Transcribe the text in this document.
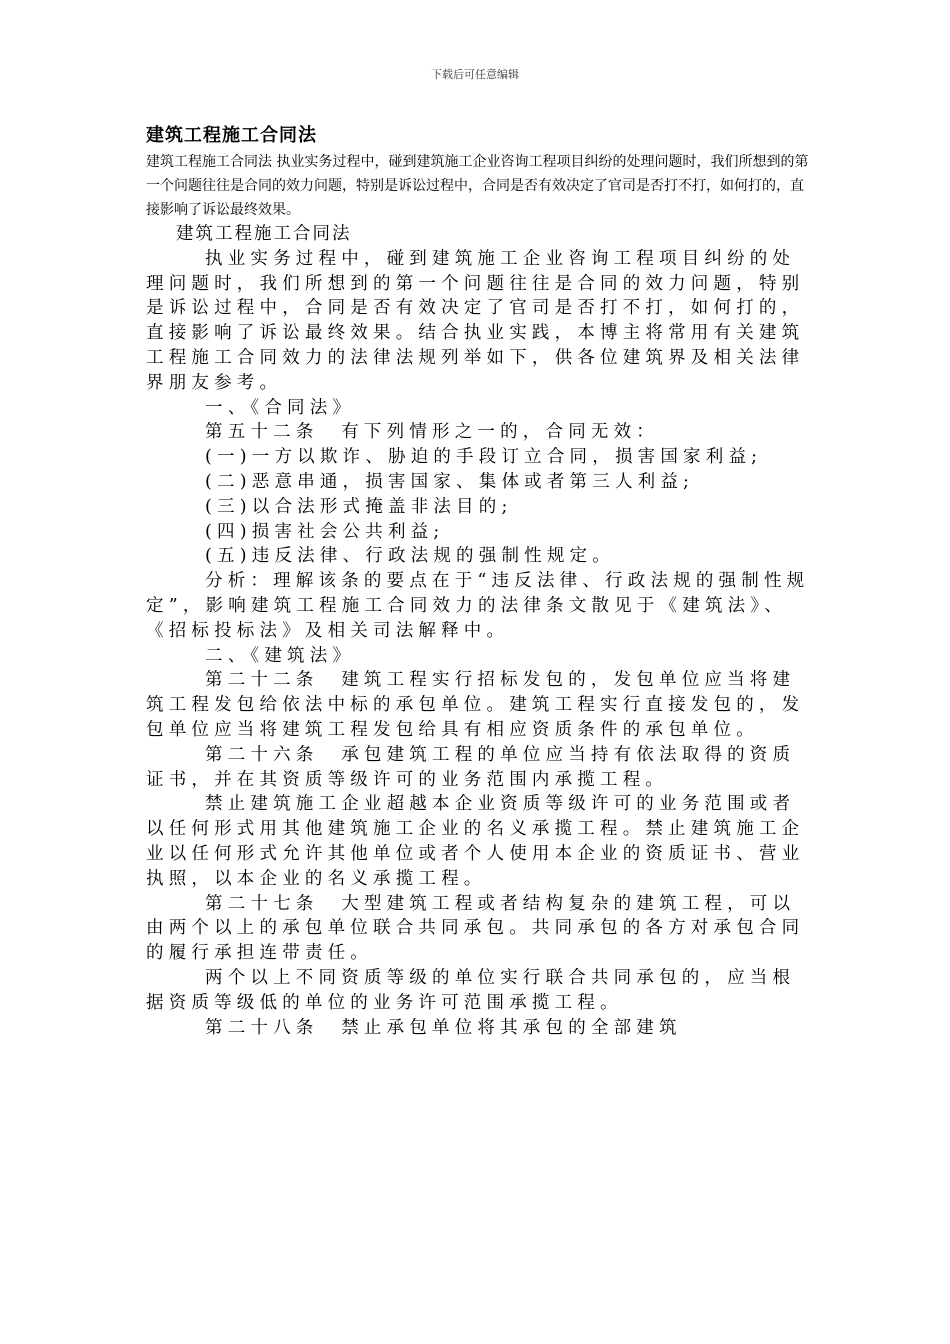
下载后可任意编辑
建筑工程施工合同法

建筑工程施工合同法 执业实务过程中，碰到建筑施工企业咨询工程项目纠纷的处理问题时，我们所想到的第一个问题往往是合同的效力问题，特别是诉讼过程中，合同是否有效决定了官司是否打不打，如何打的，直接影响了诉讼最终效果。

建筑工程施工合同法

执业实务过程中，碰到建筑施工企业咨询工程项目纠纷的处理问题时，我们所想到的第一个问题往往是合同的效力问题，特别是诉讼过程中，合同是否有效决定了官司是否打不打，如何打的，直接影响了诉讼最终效果。结合执业实践，本博主将常用有关建筑工程施工合同效力的法律法规列举如下，供各位建筑界及相关法律界朋友参考。

一、《合同法》

第五十二条　有下列情形之一的，合同无效：

(一)一方以欺诈、胁迫的手段订立合同，损害国家利益;

(二)恶意串通，损害国家、集体或者第三人利益;

(三)以合法形式掩盖非法目的;

(四)损害社会公共利益;

(五)违反法律、行政法规的强制性规定。

分析：理解该条的要点在于“违反法律、行政法规的强制性规定”，影响建筑工程施工合同效力的法律条文散见于《建筑法》、《招标投标法》及相关司法解释中。

二、《建筑法》

第二十二条　建筑工程实行招标发包的，发包单位应当将建筑工程发包给依法中标的承包单位。建筑工程实行直接发包的，发包单位应当将建筑工程发包给具有相应资质条件的承包单位。

第二十六条　承包建筑工程的单位应当持有依法取得的资质证书，并在其资质等级许可的业务范围内承揽工程。

禁止建筑施工企业超越本企业资质等级许可的业务范围或者以任何形式用其他建筑施工企业的名义承揽工程。禁止建筑施工企业以任何形式允许其他单位或者个人使用本企业的资质证书、营业执照，以本企业的名义承揽工程。

第二十七条　大型建筑工程或者结构复杂的建筑工程，可以由两个以上的承包单位联合共同承包。共同承包的各方对承包合同的履行承担连带责任。

两个以上不同资质等级的单位实行联合共同承包的，应当根据资质等级低的单位的业务许可范围承揽工程。

第二十八条　禁止承包单位将其承包的全部建筑
